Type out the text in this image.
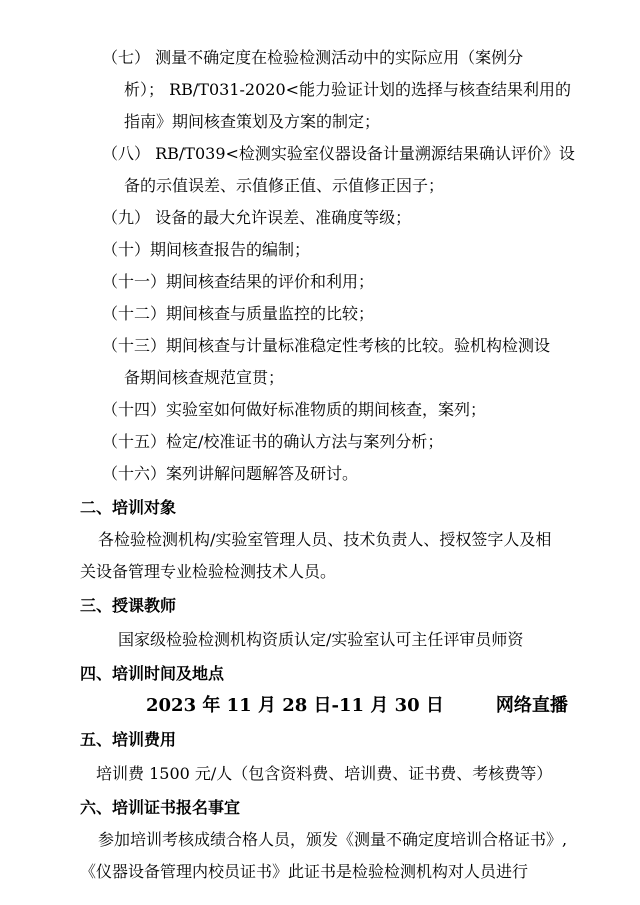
（七） 测量不确定度在检验检测活动中的实际应用（案例分
析）； RB/T031-2020<能力验证计划的选择与核查结果利用的
指南》期间核查策划及方案的制定；
（八） RB/T039<检测实验室仪器设备计量溯源结果确认评价》设
备的示值误差、示值修正值、示值修正因子；
（九） 设备的最大允许误差、准确度等级；
（十）期间核查报告的编制；
（十一）期间核查结果的评价和利用；
（十二）期间核查与质量监控的比较；
（十三）期间核查与计量标准稳定性考核的比较。验机构检测设
备期间核查规范宣贯；
（十四）实验室如何做好标准物质的期间核查，案列；
（十五）检定/校准证书的确认方法与案列分析；
（十六）案列讲解问题解答及研讨。
二、培训对象
各检验检测机构/实验室管理人员、技术负责人、授权签字人及相
关设备管理专业检验检测技术人员。
三、授课教师
国家级检验检测机构资质认定/实验室认可主任评审员师资
四、培训时间及地点
2023 年 11 月 28 日-11 月 30 日	网络直播
五、培训费用
培训费 1500 元/人（包含资料费、培训费、证书费、考核费等）
六、培训证书报名事宜
参加培训考核成绩合格人员，颁发《测量不确定度培训合格证书》,
《仪器设备管理内校员证书》此证书是检验检测机构对人员进行
